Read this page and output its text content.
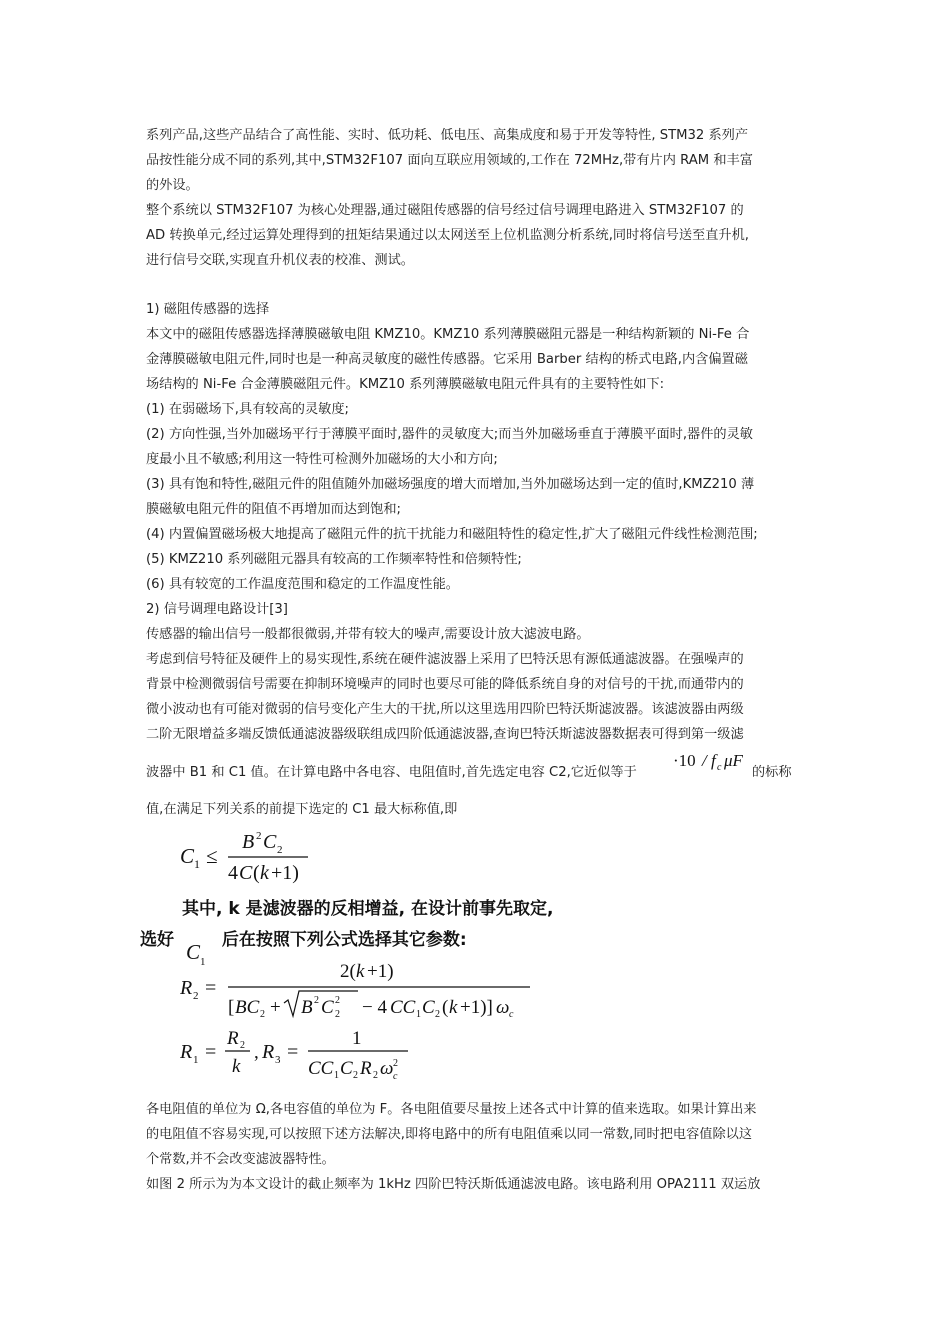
系列产品,这些产品结合了高性能、实时、低功耗、低电压、高集成度和易于开发等特性, STM32 系列产
品按性能分成不同的系列,其中,STM32F107 面向互联应用领域的,工作在 72MHz,带有片内 RAM 和丰富
的外设。
整个系统以 STM32F107 为核心处理器,通过磁阻传感器的信号经过信号调理电路进入 STM32F107 的
AD 转换单元,经过运算处理得到的扭矩结果通过以太网送至上位机监测分析系统,同时将信号送至直升机,
进行信号交联,实现直升机仪表的校准、测试。
1) 磁阻传感器的选择
本文中的磁阻传感器选择薄膜磁敏电阻 KMZ10。KMZ10 系列薄膜磁阻元器是一种结构新颖的 Ni-Fe 合
金薄膜磁敏电阻元件,同时也是一种高灵敏度的磁性传感器。它采用 Barber 结构的桥式电路,内含偏置磁
场结构的 Ni-Fe 合金薄膜磁阻元件。KMZ10 系列薄膜磁敏电阻元件具有的主要特性如下:
(1) 在弱磁场下,具有较高的灵敏度;
(2) 方向性强,当外加磁场平行于薄膜平面时,器件的灵敏度大;而当外加磁场垂直于薄膜平面时,器件的灵敏
度最小且不敏感;利用这一特性可检测外加磁场的大小和方向;
(3) 具有饱和特性,磁阻元件的阻值随外加磁场强度的增大而增加,当外加磁场达到一定的值时,KMZ210 薄
膜磁敏电阻元件的阻值不再增加而达到饱和;
(4) 内置偏置磁场极大地提高了磁阻元件的抗干扰能力和磁阻特性的稳定性,扩大了磁阻元件线性检测范围;
(5) KMZ210 系列磁阻元器具有较高的工作频率特性和倍频特性;
(6) 具有较宽的工作温度范围和稳定的工作温度性能。
2) 信号调理电路设计[3]
传感器的输出信号一般都很微弱,并带有较大的噪声,需要设计放大滤波电路。
考虑到信号特征及硬件上的易实现性,系统在硬件滤波器上采用了巴特沃思有源低通滤波器。在强噪声的
背景中检测微弱信号需要在抑制环境噪声的同时也要尽可能的降低系统自身的对信号的干扰,而通带内的
微小波动也有可能对微弱的信号变化产生大的干扰,所以这里选用四阶巴特沃斯滤波器。该滤波器由两级
二阶无限增益多端反馈低通滤波器级联组成四阶低通滤波器,查询巴特沃斯滤波器数据表可得到第一级滤
波器中 B1 和 C1 值。在计算电路中各电容、电阻值时,首先选定电容 C2,它近似等于
·10 / f c μF
的标称
值,在满足下列关系的前提下选定的 C1 最大标称值,即
C 1 ≤
B 2 C 2
4 C ( k +1)
其中, k 是滤波器的反相增益, 在设计前事先取定,
选好 C 1
后在按照下列公式选择其它参数:
R 2 =
2( k +1)
[ BC 2 + B 2 C 2
2 − 4 CC 1 C 2 ( k +1)] ω c
R 1 =
R 2
k
, R 3 =
1
CC 1 C 2 R 2 ω 2
c
各电阻值的单位为 Ω,各电容值的单位为 F。各电阻值要尽量按上述各式中计算的值来选取。如果计算出来
的电阻值不容易实现,可以按照下述方法解决,即将电路中的所有电阻值乘以同一常数,同时把电容值除以这
个常数,并不会改变滤波器特性。
如图 2 所示为为本文设计的截止频率为 1kHz 四阶巴特沃斯低通滤波电路。该电路利用 OPA2111 双运放
